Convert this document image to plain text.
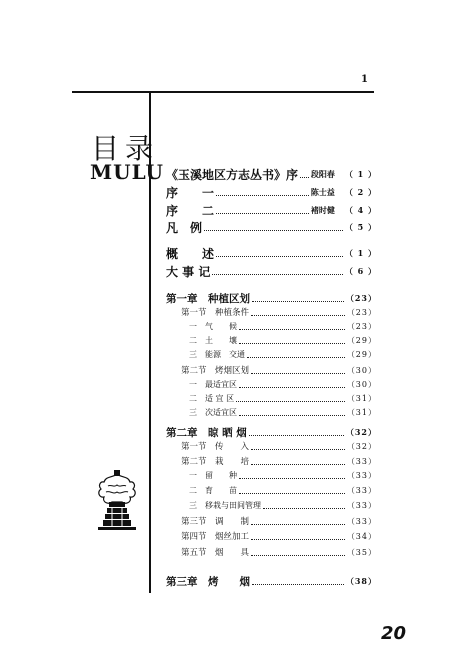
1
目录
MULU 《玉溪地区方志丛书》序 段阳春 （ 1 ）
序　　一	陈士益 （ 2 ）
序　　二	褚时健 （ 4 ）
凡　例	（ 5 ）
概　　述	（ 1 ）
大 事 记	（ 6 ）
第一章　种植区划	（23）
第一节　种植条件	（23）
一　气　　候	（23）
二　土　　壤	（29）
三　能源　交通	（29）
第二节　烤烟区划	（30）
一　最适宜区	（30）
二　适 宜 区	（31）
三　次适宜区	（31）
第二章　晾 晒 烟	（32）
第一节　传　　入	（32）
第二节　栽　　培	（33）
一　留　　种	（33）
二　育　　苗	（33）
三　移栽与田间管理	（33）
第三节　调　　制	（33）
第四节　烟丝加工	（34）
第五节　烟　　具	（35）
第三章　烤　　烟	（38）
20
